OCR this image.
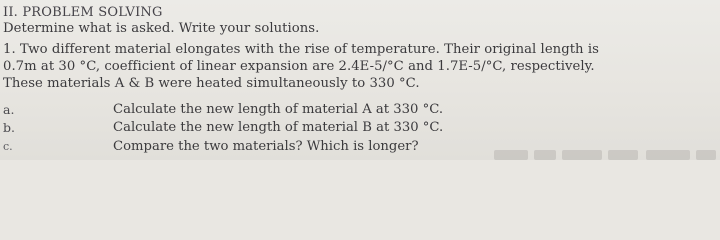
II. PROBLEM SOLVING
Determine what is asked. Write your solutions.
1. Two different material elongates with the rise of temperature. Their original length is
0.7m at 30 °C, coefficient of linear expansion are 2.4E-5/°C and 1.7E-5/°C, respectively.
These materials A & B were heated simultaneously to 330 °C.
a.	Calculate the new length of material A at 330 °C.
b.	Calculate the new length of material B at 330 °C.
c.	Compare the two materials? Which is longer?
